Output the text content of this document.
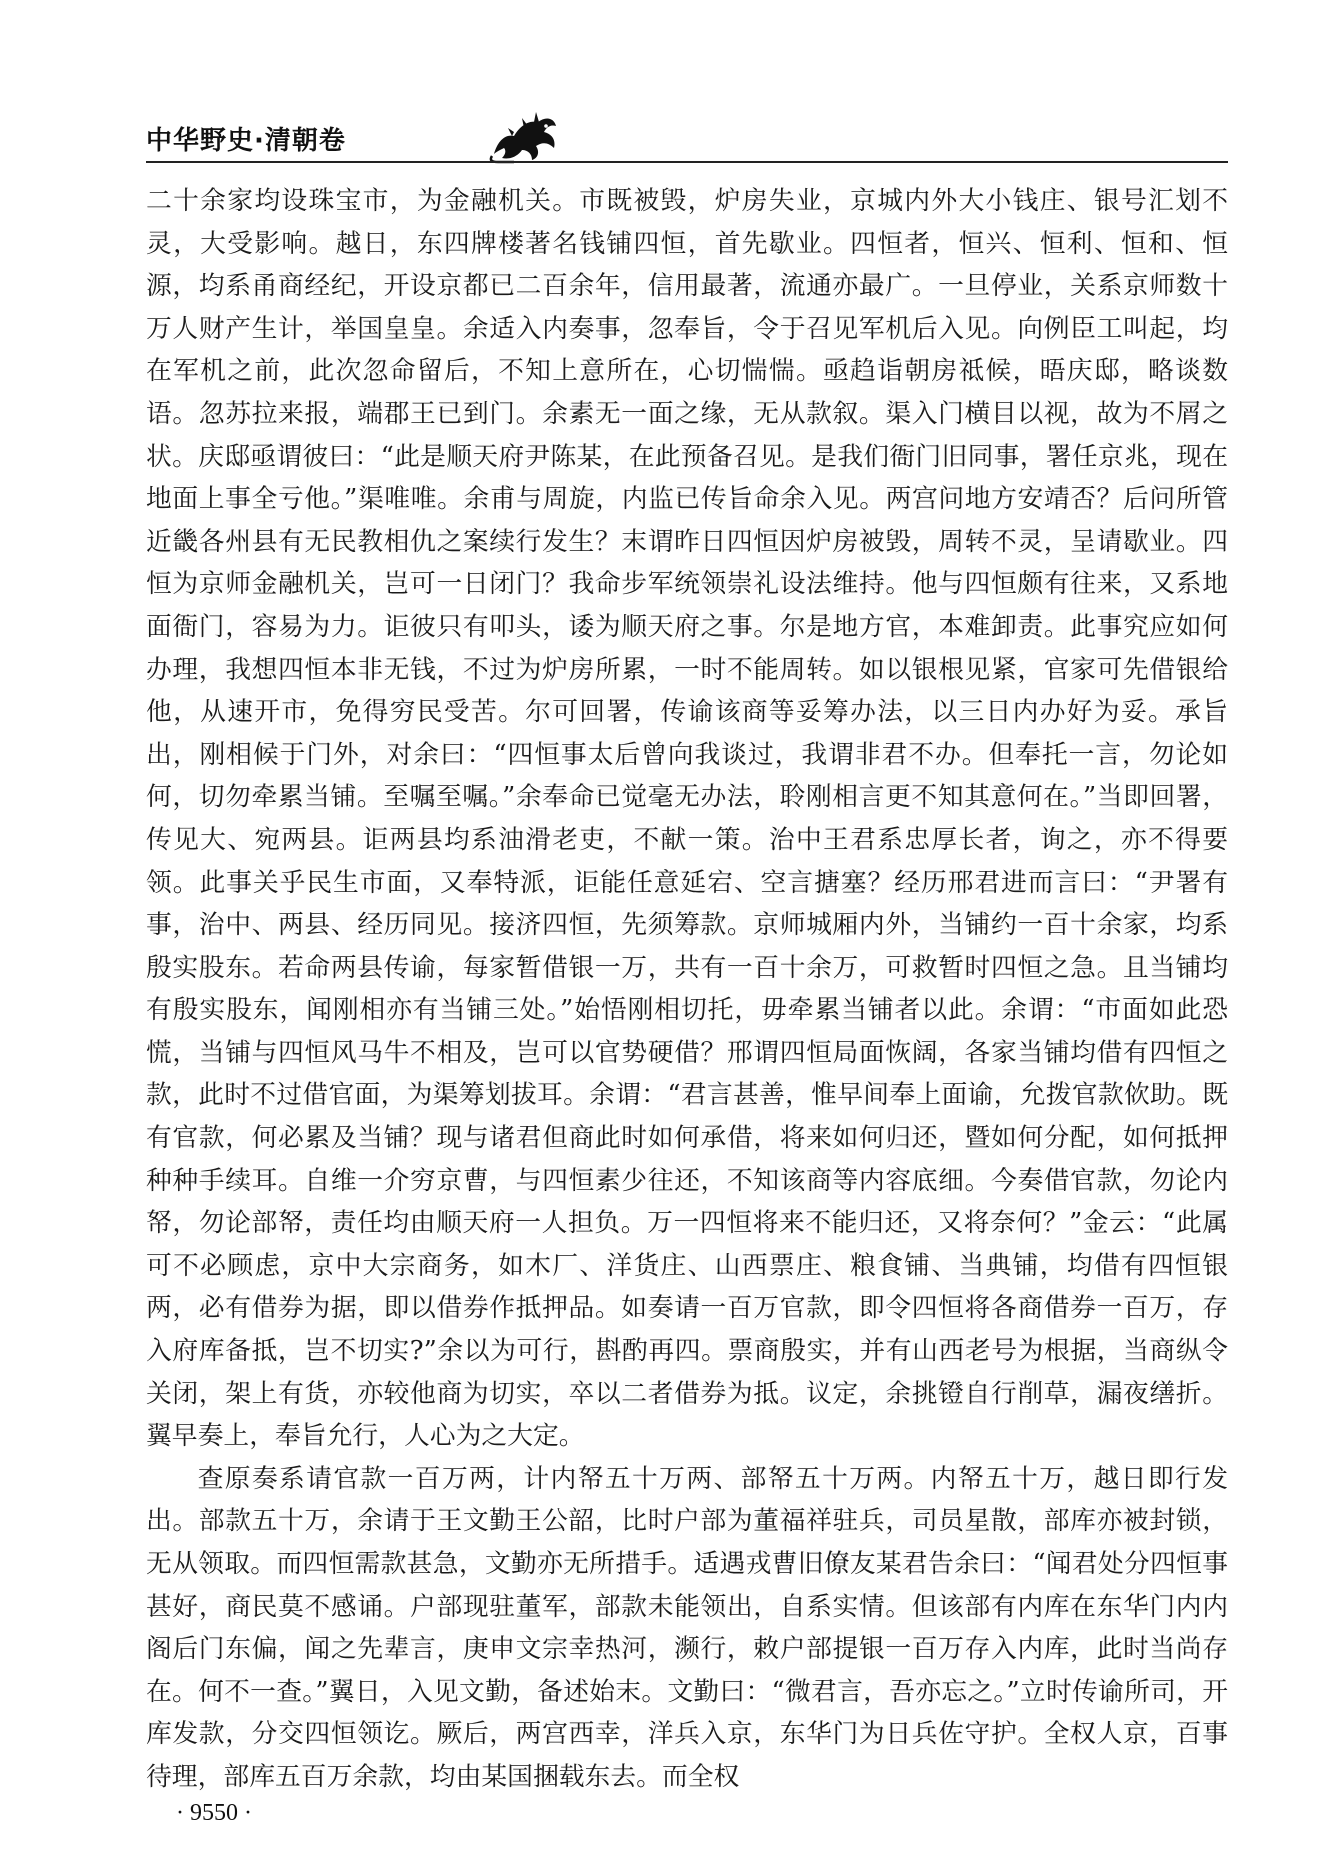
中华野史·清朝卷

二十余家均设珠宝市，为金融机关。市既被毁，炉房失业，京城内外大小钱庄、银号汇划不灵，大受影响。越日，东四牌楼著名钱铺四恒，首先歇业。四恒者，恒兴、恒利、恒和、恒源，均系甬商经纪，开设京都已二百余年，信用最著，流通亦最广。一旦停业，关系京师数十万人财产生计，举国皇皇。余适入内奏事，忽奉旨，令于召见军机后入见。向例臣工叫起，均在军机之前，此次忽命留后，不知上意所在，心切惴惴。亟趋诣朝房祗候，晤庆邸，略谈数语。忽苏拉来报，端郡王已到门。余素无一面之缘，无从款叙。渠入门横目以视，故为不屑之状。庆邸亟谓彼曰：“此是顺天府尹陈某，在此预备召见。是我们衙门旧同事，署任京兆，现在地面上事全亏他。”渠唯唯。余甫与周旋，内监已传旨命余入见。两宫问地方安靖否？后问所管近畿各州县有无民教相仇之案续行发生？末谓昨日四恒因炉房被毁，周转不灵，呈请歇业。四恒为京师金融机关，岂可一日闭门？我命步军统领崇礼设法维持。他与四恒颇有往来，又系地面衙门，容易为力。讵彼只有叩头，诿为顺天府之事。尔是地方官，本难卸责。此事究应如何办理，我想四恒本非无钱，不过为炉房所累，一时不能周转。如以银根见紧，官家可先借银给他，从速开市，免得穷民受苦。尔可回署，传谕该商等妥筹办法，以三日内办好为妥。承旨出，刚相候于门外，对余曰：“四恒事太后曾向我谈过，我谓非君不办。但奉托一言，勿论如何，切勿牵累当铺。至嘱至嘱。”余奉命已觉毫无办法，聆刚相言更不知其意何在。”当即回署，传见大、宛两县。讵两县均系油滑老吏，不献一策。治中王君系忠厚长者，询之，亦不得要领。此事关乎民生市面，又奉特派，讵能任意延宕、空言搪塞？经历邢君进而言曰：“尹署有事，治中、两县、经历同见。接济四恒，先须筹款。京师城厢内外，当铺约一百十余家，均系殷实股东。若命两县传谕，每家暂借银一万，共有一百十余万，可救暂时四恒之急。且当铺均有殷实股东，闻刚相亦有当铺三处。”始悟刚相切托，毋牵累当铺者以此。余谓：“市面如此恐慌，当铺与四恒风马牛不相及，岂可以官势硬借？邢谓四恒局面恢阔，各家当铺均借有四恒之款，此时不过借官面，为渠筹划拔耳。余谓：“君言甚善，惟早间奉上面谕，允拨官款佽助。既有官款，何必累及当铺？现与诸君但商此时如何承借，将来如何归还，暨如何分配，如何抵押种种手续耳。自维一介穷京曹，与四恒素少往还，不知该商等内容底细。今奏借官款，勿论内帑，勿论部帑，责任均由顺天府一人担负。万一四恒将来不能归还，又将奈何？”金云：“此属可不必顾虑，京中大宗商务，如木厂、洋货庄、山西票庄、粮食铺、当典铺，均借有四恒银两，必有借券为据，即以借券作抵押品。如奏请一百万官款，即令四恒将各商借券一百万，存入府库备抵，岂不切实?”余以为可行，斟酌再四。票商殷实，并有山西老号为根据，当商纵令关闭，架上有货，亦较他商为切实，卒以二者借券为抵。议定，余挑镫自行削草，漏夜缮折。翼早奏上，奉旨允行，人心为之大定。

查原奏系请官款一百万两，计内帑五十万两、部帑五十万两。内帑五十万，越日即行发出。部款五十万，余请于王文勤王公韶，比时户部为董福祥驻兵，司员星散，部库亦被封锁，无从领取。而四恒需款甚急，文勤亦无所措手。适遇戎曹旧僚友某君告余曰：“闻君处分四恒事甚好，商民莫不感诵。户部现驻董军，部款未能领出，自系实情。但该部有内库在东华门内内阁后门东偏，闻之先辈言，庚申文宗幸热河，濒行，敕户部提银一百万存入内库，此时当尚存在。何不一查。”翼日，入见文勤，备述始末。文勤曰：“微君言，吾亦忘之。”立时传谕所司，开库发款，分交四恒领讫。厥后，两宫西幸，洋兵入京，东华门为日兵佐守护。全权人京，百事待理，部库五百万余款，均由某国捆载东去。而全权

· 9550 ·
